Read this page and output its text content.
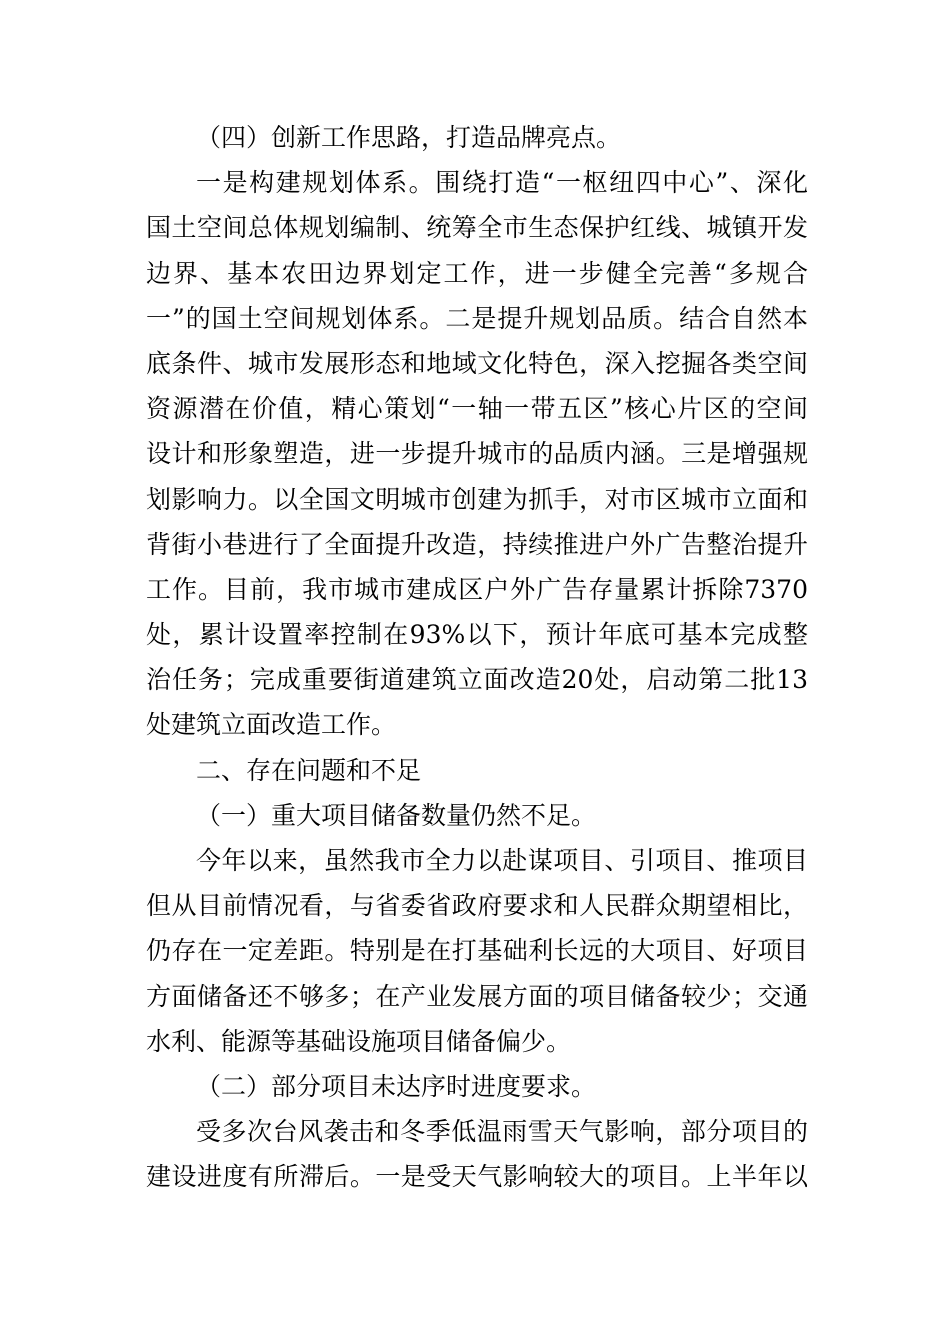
（四）创新工作思路，打造品牌亮点。
一是构建规划体系。围绕打造“一枢纽四中心”、深化
国土空间总体规划编制、统筹全市生态保护红线、城镇开发
边界、基本农田边界划定工作，进一步健全完善“多规合
一”的国土空间规划体系。二是提升规划品质。结合自然本
底条件、城市发展形态和地域文化特色，深入挖掘各类空间
资源潜在价值，精心策划“一轴一带五区”核心片区的空间
设计和形象塑造，进一步提升城市的品质内涵。三是增强规
划影响力。以全国文明城市创建为抓手，对市区城市立面和
背街小巷进行了全面提升改造，持续推进户外广告整治提升
工作。目前，我市城市建成区户外广告存量累计拆除7370
处，累计设置率控制在93%以下，预计年底可基本完成整
治任务；完成重要街道建筑立面改造20处，启动第二批13
处建筑立面改造工作。
二、存在问题和不足
（一）重大项目储备数量仍然不足。
今年以来，虽然我市全力以赴谋项目、引项目、推项目
但从目前情况看，与省委省政府要求和人民群众期望相比，
仍存在一定差距。特别是在打基础利长远的大项目、好项目
方面储备还不够多；在产业发展方面的项目储备较少；交通
水利、能源等基础设施项目储备偏少。
（二）部分项目未达序时进度要求。
受多次台风袭击和冬季低温雨雪天气影响，部分项目的
建设进度有所滞后。一是受天气影响较大的项目。上半年以
